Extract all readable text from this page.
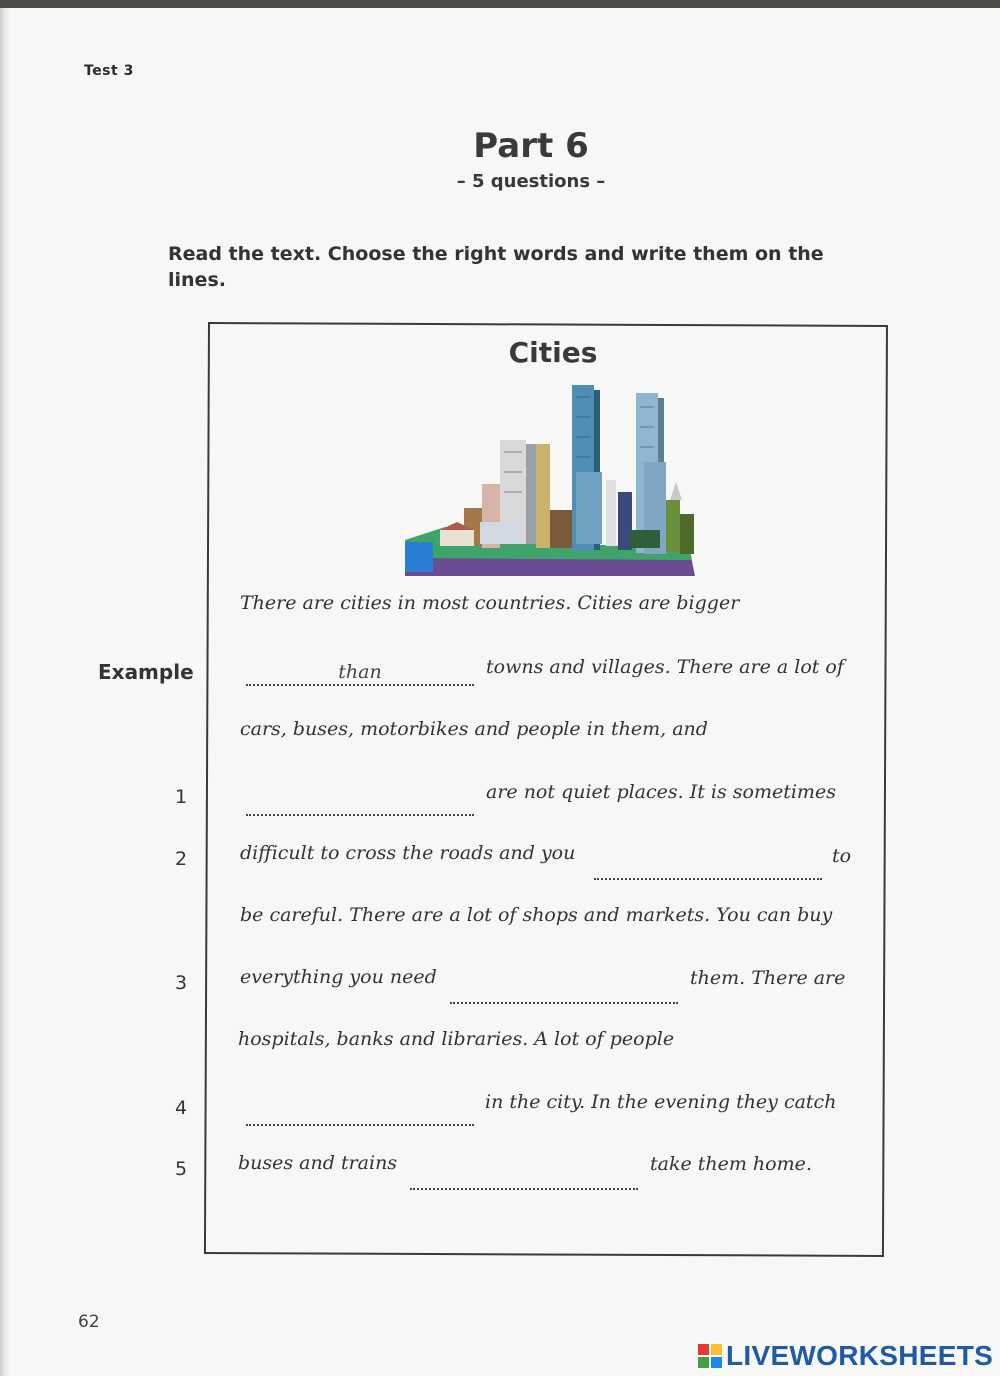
Test 3
Part 6
– 5 questions –
Read the text. Choose the right words and write them on the lines.
Cities
There are cities in most countries. Cities are bigger
Example	than	towns and villages. There are a lot of
cars, buses, motorbikes and people in them, and
1	are not quiet places. It is sometimes
2	difficult to cross the roads and you	to
be careful. There are a lot of shops and markets. You can buy
3	everything you need	them. There are
hospitals, banks and libraries. A lot of people
4	in the city. In the evening they catch
5	buses and trains	take them home.
62
LIVEWORKSHEETS
